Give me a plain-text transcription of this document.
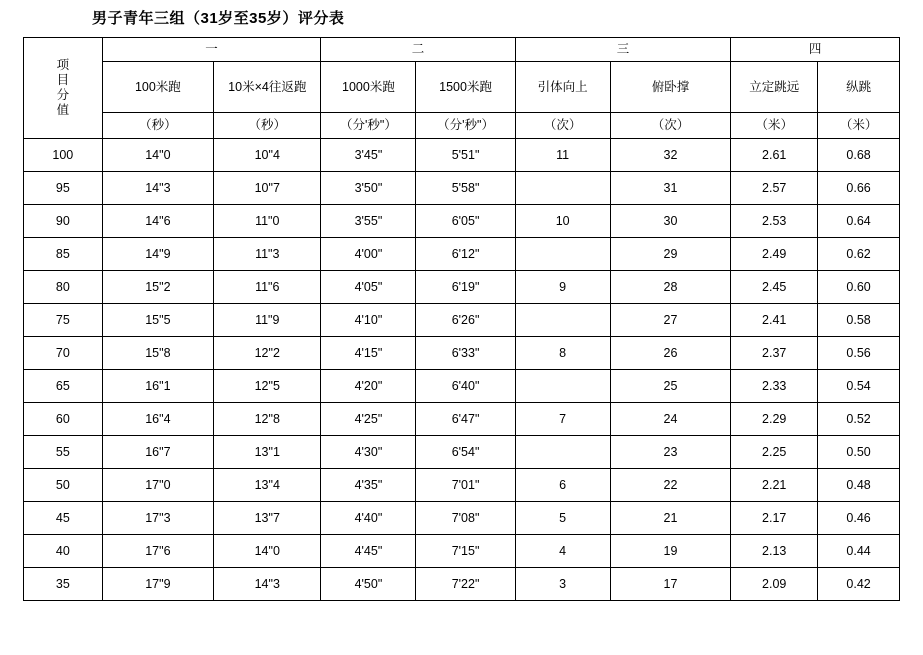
男子青年三组（31岁至35岁）评分表
项
目
分
值	一		二		三		四	

	100米跑	10米×4往返跑	1000米跑	1500米跑	引体向上	俯卧撑	立定跳远	纵跳

	（秒）	（秒）	（分'秒"）	（分'秒"）	（次）	（次）	（米）	（米）
100	14"0	10"4	3'45"	5'51"	11	32	2.61	0.68
95	14"3	10"7	3'50"	5'58"		31	2.57	0.66
90	14"6	11"0	3'55"	6'05"	10	30	2.53	0.64
85	14"9	11"3	4'00"	6'12"		29	2.49	0.62
80	15"2	11"6	4'05"	6'19"	9	28	2.45	0.60
75	15"5	11"9	4'10"	6'26"		27	2.41	0.58
70	15"8	12"2	4'15"	6'33"	8	26	2.37	0.56
65	16"1	12"5	4'20"	6'40"		25	2.33	0.54
60	16"4	12"8	4'25"	6'47"	7	24	2.29	0.52
55	16"7	13"1	4'30"	6'54"		23	2.25	0.50
50	17"0	13"4	4'35"	7'01"	6	22	2.21	0.48
45	17"3	13"7	4'40"	7'08"	5	21	2.17	0.46
40	17"6	14"0	4'45"	7'15"	4	19	2.13	0.44
35	17"9	14"3	4'50"	7'22"	3	17	2.09	0.42
